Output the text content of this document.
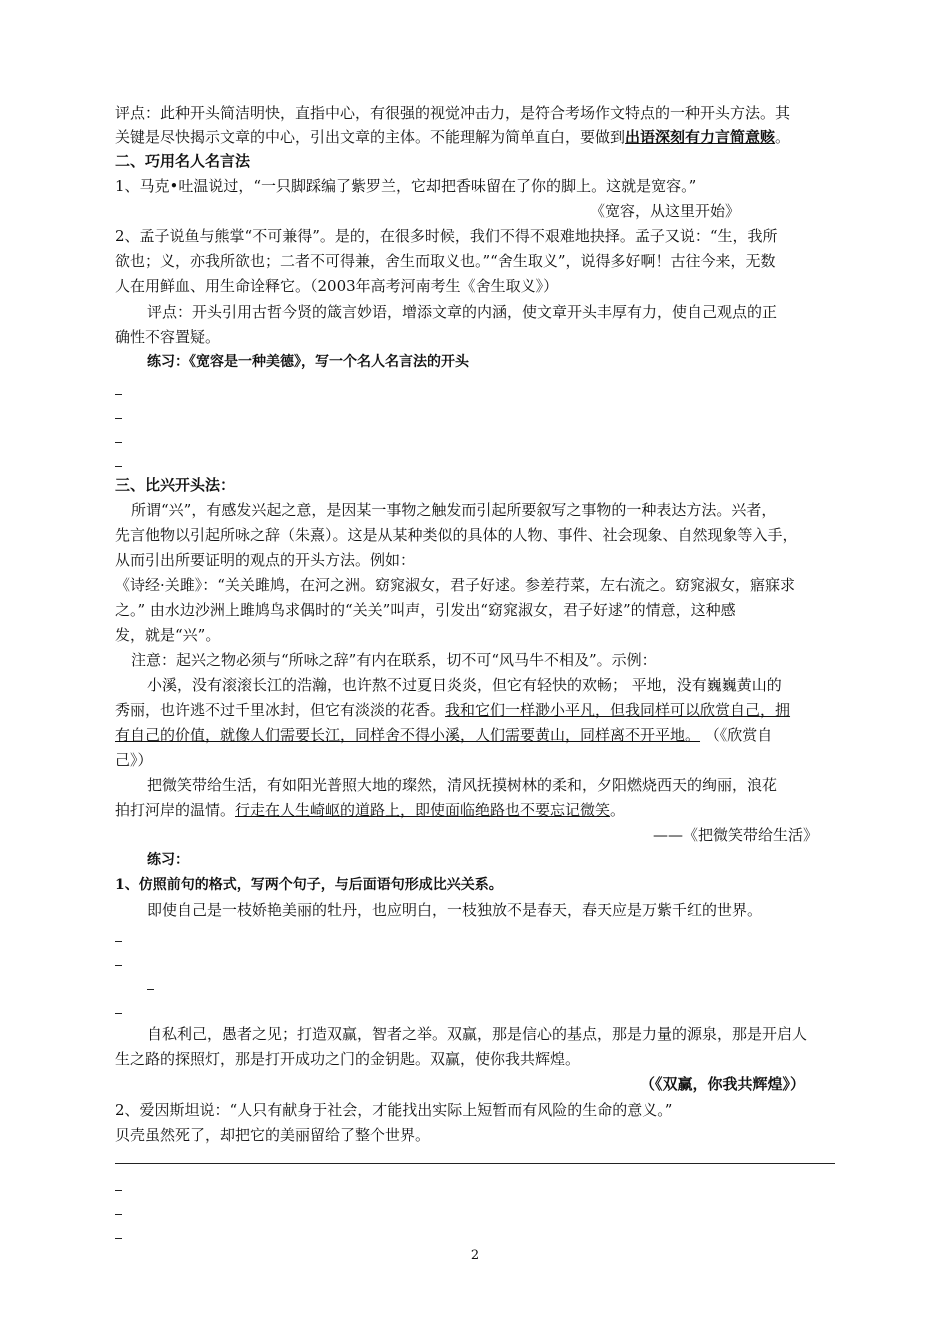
评点：此种开头简洁明快，直指中心，有很强的视觉冲击力，是符合考场作文特点的一种开头方法。其
关键是尽快揭示文章的中心，引出文章的主体。不能理解为简单直白，要做到出语深刻有力言简意赅。
二、巧用名人名言法
1、马克•吐温说过，“一只脚踩编了紫罗兰，它却把香味留在了你的脚上。这就是宽容。”
《宽容，从这里开始》
2、孟子说鱼与熊掌“不可兼得”。是的，在很多时候，我们不得不艰难地抉择。孟子又说：“生，我所
欲也；义，亦我所欲也；二者不可得兼，舍生而取义也。”“舍生取义”，说得多好啊！古往今来，无数
人在用鲜血、用生命诠释它。（2003年高考河南考生《舍生取义》）
评点：开头引用古哲今贤的箴言妙语，增添文章的内涵，使文章开头丰厚有力，使自己观点的正
确性不容置疑。
练习：《宽容是一种美德》，写一个名人名言法的开头
三、比兴开头法：
所谓“兴”，有感发兴起之意，是因某一事物之触发而引起所要叙写之事物的一种表达方法。兴者，
先言他物以引起所咏之辞（朱熹）。这是从某种类似的具体的人物、事件、社会现象、自然现象等入手，
从而引出所要证明的观点的开头方法。例如：
《诗经·关雎》：“关关雎鸠，在河之洲。窈窕淑女，君子好逑。参差荇菜，左右流之。窈窕淑女，寤寐求
之。” 由水边沙洲上雎鸠鸟求偶时的“关关”叫声，引发出“窈窕淑女，君子好逑”的情意，这种感
发，就是“兴”。
注意：起兴之物必须与“所咏之辞”有内在联系，切不可“风马牛不相及”。示例：
小溪，没有滚滚长江的浩瀚，也许熬不过夏日炎炎，但它有轻快的欢畅； 平地，没有巍巍黄山的
秀丽，也许逃不过千里冰封，但它有淡淡的花香。我和它们一样渺小平凡，但我同样可以欣赏自己，拥
有自己的价值，就像人们需要长江，同样舍不得小溪，人们需要黄山，同样离不开平地。 （《欣赏自
己》）
把微笑带给生活，有如阳光普照大地的璨然，清风抚摸树林的柔和，夕阳燃烧西天的绚丽，浪花
拍打河岸的温情。行走在人生崎岖的道路上，即使面临绝路也不要忘记微笑。
——《把微笑带给生活》
练习：
1、仿照前句的格式，写两个句子，与后面语句形成比兴关系。
即使自己是一枝娇艳美丽的牡丹，也应明白，一枝独放不是春天，春天应是万紫千红的世界。
自私利己，愚者之见；打造双赢，智者之举。双赢，那是信心的基点，那是力量的源泉，那是开启人
生之路的探照灯，那是打开成功之门的金钥匙。双赢，使你我共辉煌。
（《双赢，你我共辉煌》）
2、爱因斯坦说：“人只有献身于社会，才能找出实际上短暂而有风险的生命的意义。”
贝壳虽然死了，却把它的美丽留给了整个世界。
2
